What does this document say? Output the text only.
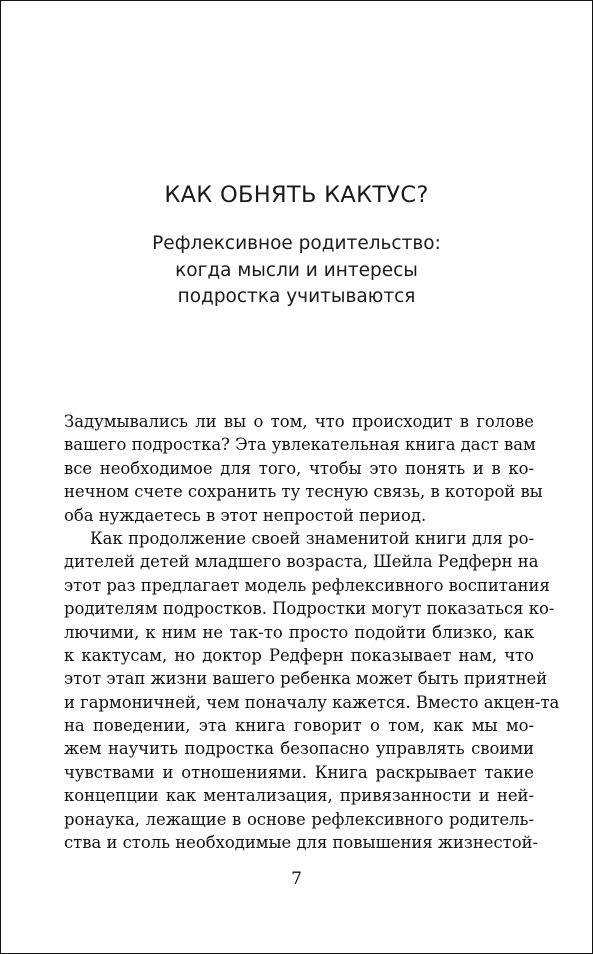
КАК ОБНЯТЬ КАКТУС?
Рефлексивное родительство:
когда мысли и интересы
подростка учитываются
Задумывались ли вы о том, что происходит в голове
вашего подростка? Эта увлекательная книга даст вам
все необходимое для того, чтобы это понять и в ко-
нечном счете сохранить ту тесную связь, в которой вы
оба нуждаетесь в этот непростой период.
Как продолжение своей знаменитой книги для ро-
дителей детей младшего возраста, Шейла Редферн на
этот раз предлагает модель рефлексивного воспитания
родителям подростков. Подростки могут показаться ко-
лючими, к ним не так-то просто подойти близко, как
к кактусам, но доктор Редферн показывает нам, что
этот этап жизни вашего ребенка может быть приятней
и гармоничней, чем поначалу кажется. Вместо акцен-та
на поведении, эта книга говорит о том, как мы мо-
жем научить подростка безопасно управлять своими
чувствами и отношениями. Книга раскрывает такие
концепции как ментализация, привязанности и ней-
ронаука, лежащие в основе рефлексивного родитель-
ства и столь необходимые для повышения жизнестой-
7
